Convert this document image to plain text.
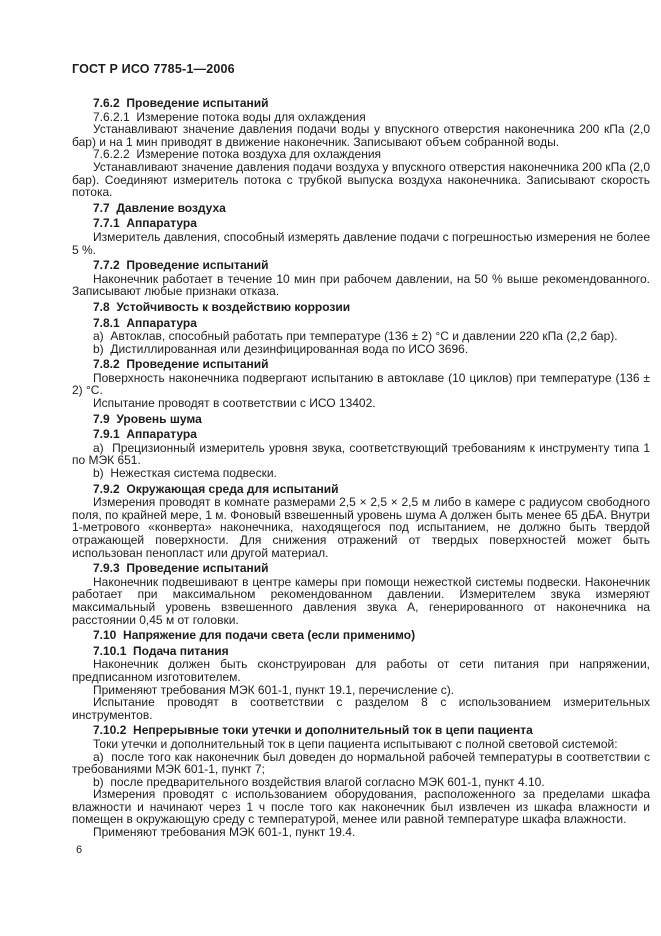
ГОСТ Р ИСО 7785-1—2006

7.6.2  Проведение испытаний

7.6.2.1  Измерение потока воды для охлаждения

Устанавливают значение давления подачи воды у впускного отверстия наконечника 200 кПа (2,0 бар) и на 1 мин приводят в движение наконечник. Записывают объем собранной воды.

7.6.2.2  Измерение потока воздуха для охлаждения

Устанавливают значение давления подачи воздуха у впускного отверстия наконечника 200 кПа (2,0 бар). Соединяют измеритель потока с трубкой выпуска воздуха наконечника. Записывают скорость потока.

7.7  Давление воздуха

7.7.1  Аппаратура

Измеритель давления, способный измерять давление подачи с погрешностью измерения не более 5 %.

7.7.2  Проведение испытаний

Наконечник работает в течение 10 мин при рабочем давлении, на 50 % выше рекомендованного. Записывают любые признаки отказа.

7.8  Устойчивость к воздействию коррозии

7.8.1  Аппаратура

a)  Автоклав, способный работать при температуре (136 ± 2) °С и давлении 220 кПа (2,2 бар).

b)  Дистиллированная или дезинфицированная вода по ИСО 3696.

7.8.2  Проведение испытаний

Поверхность наконечника подвергают испытанию в автоклаве (10 циклов) при температуре (136 ± 2) °С.

Испытание проводят в соответствии с ИСО 13402.

7.9  Уровень шума

7.9.1  Аппаратура

a)  Прецизионный измеритель уровня звука, соответствующий требованиям к инструменту типа 1 по МЭК 651.

b)  Нежесткая система подвески.

7.9.2  Окружающая среда для испытаний

Измерения проводят в комнате размерами 2,5 × 2,5 × 2,5 м либо в камере с радиусом свободного поля, по крайней мере, 1 м. Фоновый взвешенный уровень шума А должен быть менее 65 дБА. Внутри 1-метрового «конверта» наконечника, находящегося под испытанием, не должно быть твердой отражающей поверхности. Для снижения отражений от твердых поверхностей может быть использован пенопласт или другой материал.

7.9.3  Проведение испытаний

Наконечник подвешивают в центре камеры при помощи нежесткой системы подвески. Наконечник работает при максимальном рекомендованном давлении. Измерителем звука измеряют максимальный уровень взвешенного давления звука А, генерированного от наконечника на расстоянии 0,45 м от головки.

7.10  Напряжение для подачи света (если применимо)

7.10.1  Подача питания

Наконечник должен быть сконструирован для работы от сети питания при напряжении, предписанном изготовителем.

Применяют требования МЭК 601-1, пункт 19.1, перечисление c).

Испытание проводят в соответствии с разделом 8 с использованием измерительных инструментов.

7.10.2  Непрерывные токи утечки и дополнительный ток в цепи пациента

Токи утечки и дополнительный ток в цепи пациента испытывают с полной световой системой:

a)  после того как наконечник был доведен до нормальной рабочей температуры в соответствии с требованиями МЭК 601-1, пункт 7;

b)  после предварительного воздействия влагой согласно МЭК 601-1, пункт 4.10.

Измерения проводят с использованием оборудования, расположенного за пределами шкафа влажности и начинают через 1 ч после того как наконечник был извлечен из шкафа влажности и помещен в окружающую среду с температурой, менее или равной температуре шкафа влажности.

Применяют требования МЭК 601-1, пункт 19.4.

6
